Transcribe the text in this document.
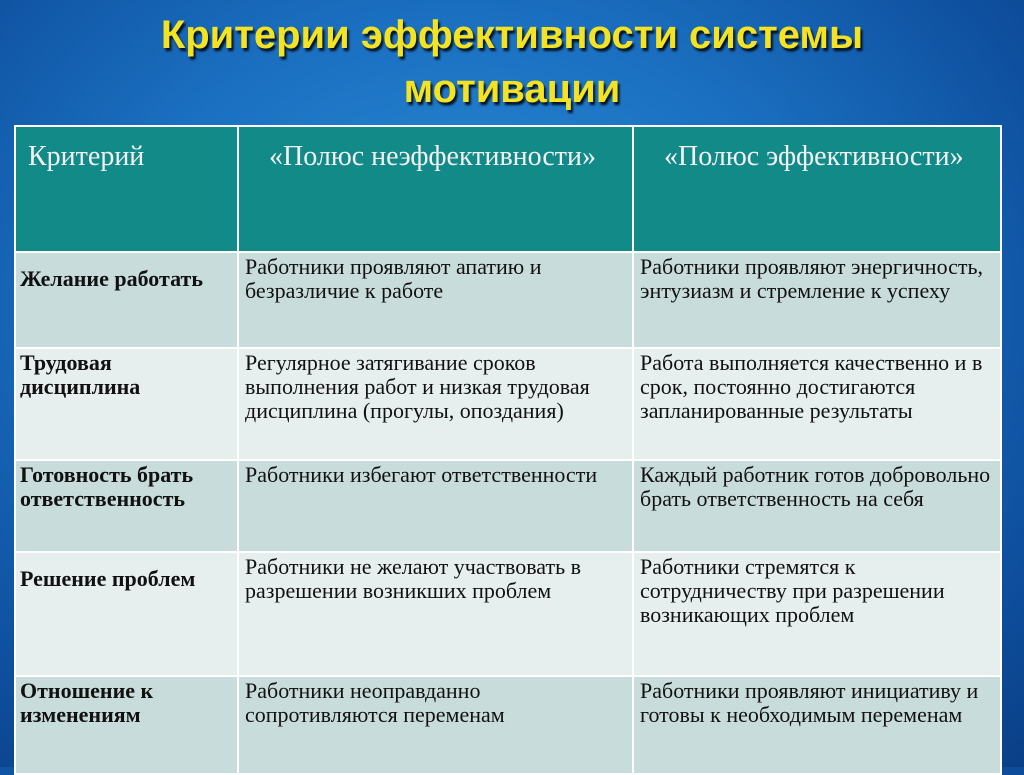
Критерии эффективности системы
мотивации
Критерий	«Полюс неэффективности»	«Полюс эффективности»
Желание работать	Работники проявляют апатию и безразличие к работе	Работники проявляют энергичность, энтузиазм и стремление к успеху
Трудовая дисциплина	Регулярное затягивание сроков выполнения работ и низкая трудовая дисциплина (прогулы, опоздания)	Работа выполняется качественно и в срок, постоянно достигаются запланированные результаты
Готовность брать ответственность	Работники избегают ответственности	Каждый работник готов добровольно брать ответственность на себя
Решение проблем	Работники не желают участвовать в разрешении возникших проблем	Работники стремятся к сотрудничеству при разрешении возникающих проблем
Отношение к изменениям	Работники неоправданно сопротивляются переменам	Работники проявляют инициативу и готовы к необходимым переменам
